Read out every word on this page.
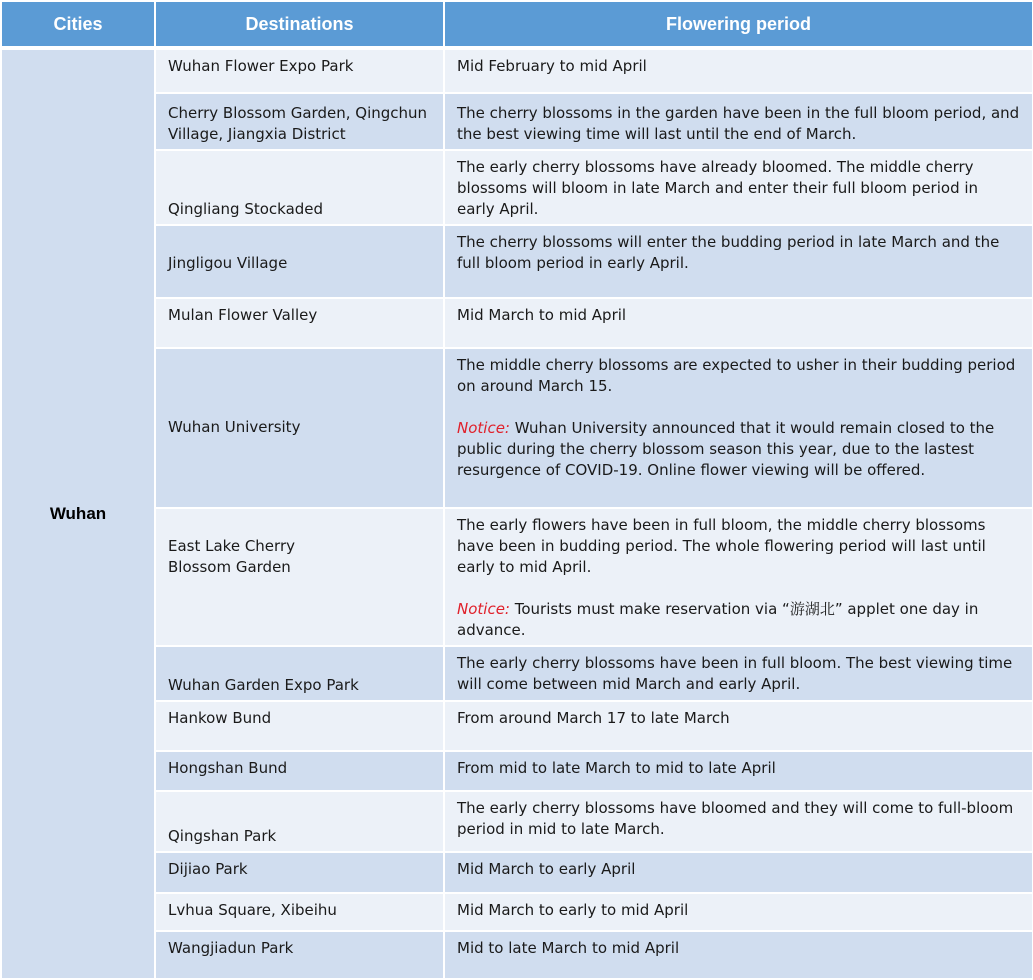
Cities	Destinations	Flowering period
Wuhan	Wuhan Flower Expo Park	Mid February to mid April
	Cherry Blossom Garden, Qingchun Village, Jiangxia District	The cherry blossoms in the garden have been in the full bloom period, and the best viewing time will last until the end of March.
	Qingliang Stockaded	The early cherry blossoms have already bloomed. The middle cherry blossoms will bloom in late March and enter their full bloom period in early April.
	Jingligou Village	The cherry blossoms will enter the budding period in late March and the full bloom period in early April.
	Mulan Flower Valley	Mid March to mid April
	Wuhan University	The middle cherry blossoms are expected to usher in their budding period on around March 15.
Notice: Wuhan University announced that it would remain closed to the public during the cherry blossom season this year, due to the lastest resurgence of COVID-19. Online flower viewing will be offered.

	East Lake Cherry Blossom Garden	The early flowers have been in full bloom, the middle cherry blossoms have been in budding period. The whole flowering period will last until early to mid April.
Notice: Tourists must make reservation via “游湖北” applet one day in advance.
	Wuhan Garden Expo Park	The early cherry blossoms have been in full bloom. The best viewing time will come between mid March and early April.
	Hankow Bund	From around March 17 to late March
	Hongshan Bund	From mid to late March to mid to late April
	Qingshan Park	The early cherry blossoms have bloomed and they will come to full-bloom period in mid to late March.
	Dijiao Park	Mid March to early April
	Lvhua Square, Xibeihu	Mid March to early to mid April
	Wangjiadun Park	Mid to late March to mid April
